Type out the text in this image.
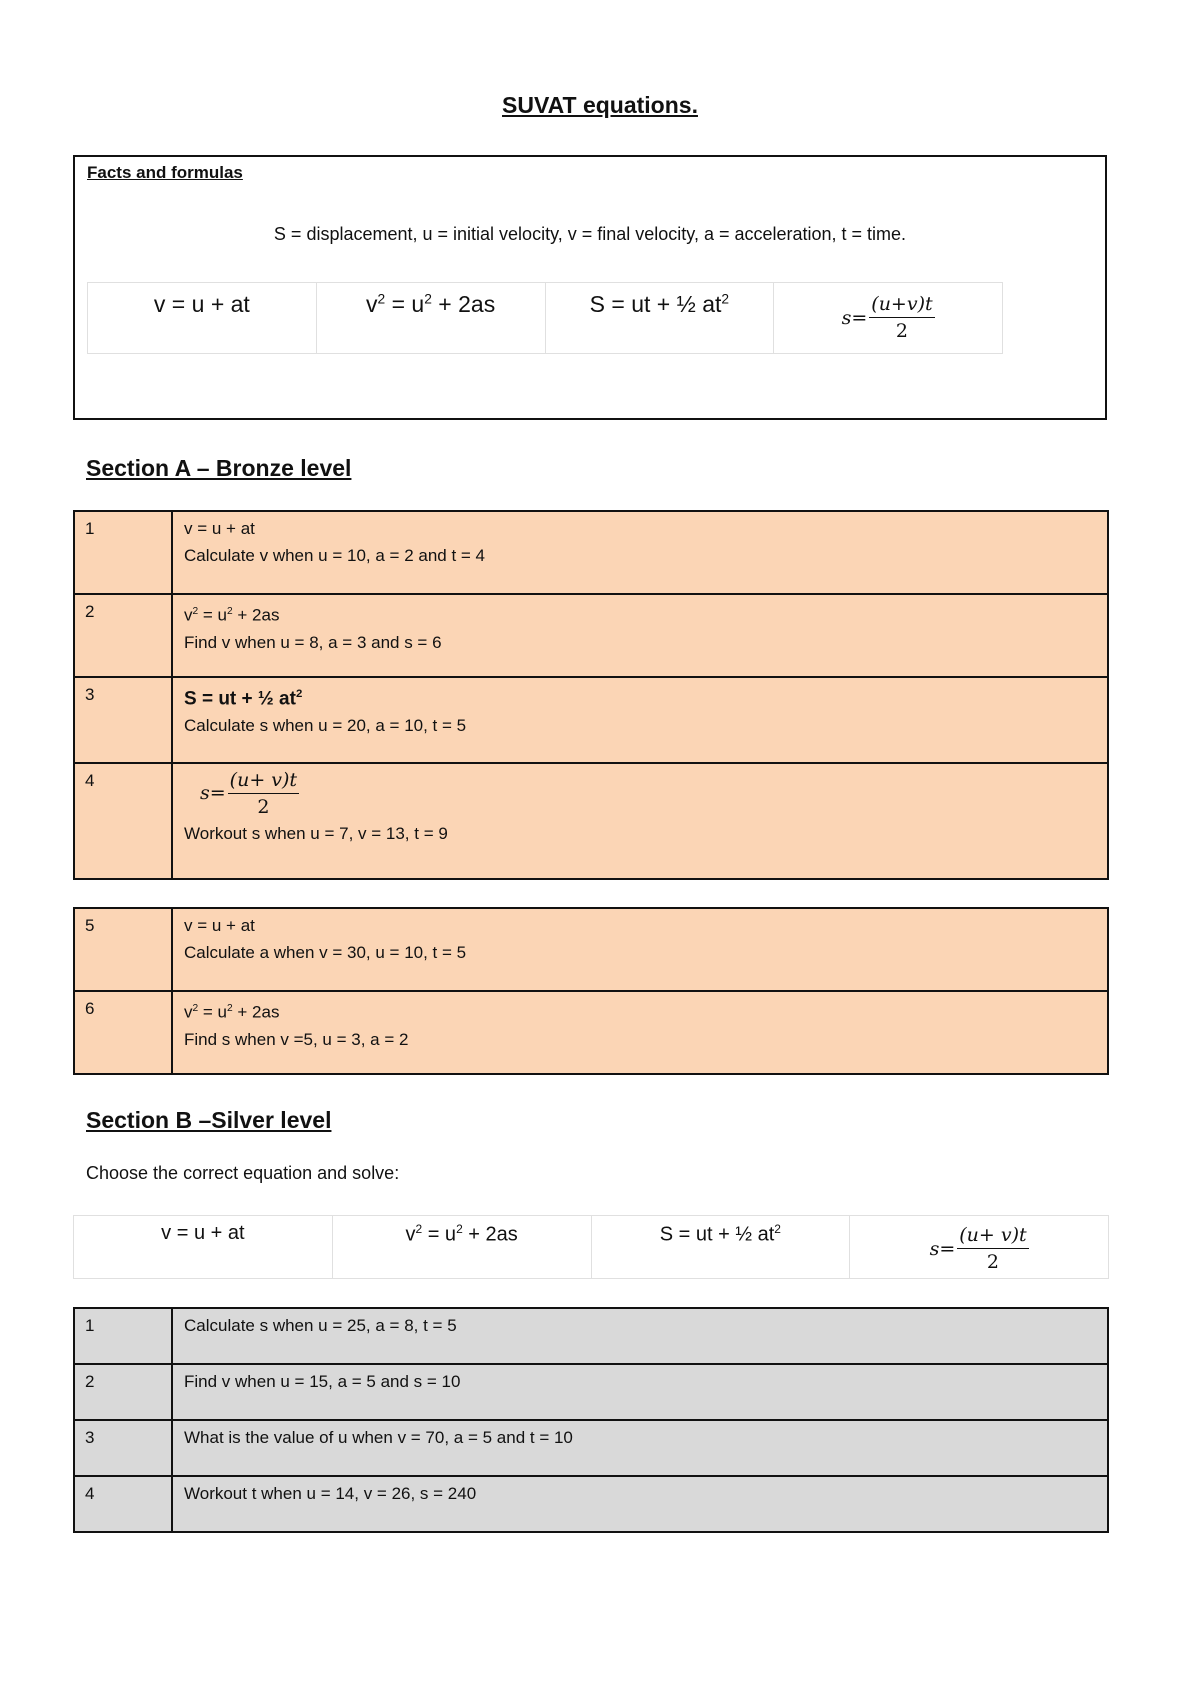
SUVAT equations.
Facts and formulas
S = displacement, u = initial velocity, v = final velocity, a = acceleration, t = time.
v = u + at	$v^2 = u^2 + 2as$	S = ut + ½ $at^2$	
$s= \frac{(u+v)t}{2}$
Section A – Bronze level
1	v = u + at
Calculate v when u = 10, a = 2 and t = 4

2	$v^2 = u^2 + 2as$
Find v when u = 8, a = 3 and s = 6

3	S = ut + ½ $at^2$
Calculate s when u = 20, a = 10, t = 5

4	$s= \frac{(u+ v)t}{2}$
Workout s when u = 7, v = 13, t = 9
5	v = u + at
Calculate a when v = 30, u = 10, t = 5

6	$v^2 = u^2 + 2as$
Find s when v =5, u = 3, a = 2
Section B –Silver level
Choose the correct equation and solve:
v = u + at	$v^2 = u^2 + 2as$	S = ut + ½ $at^2$	
$s= \frac{(u+ v)t}{2}$
1	Calculate s when u = 25, a = 8, t = 5
2	Find v when u = 15, a = 5 and s = 10
3	What is the value of u when v = 70, a = 5 and t = 10
4	Workout t when u = 14, v = 26, s = 240
